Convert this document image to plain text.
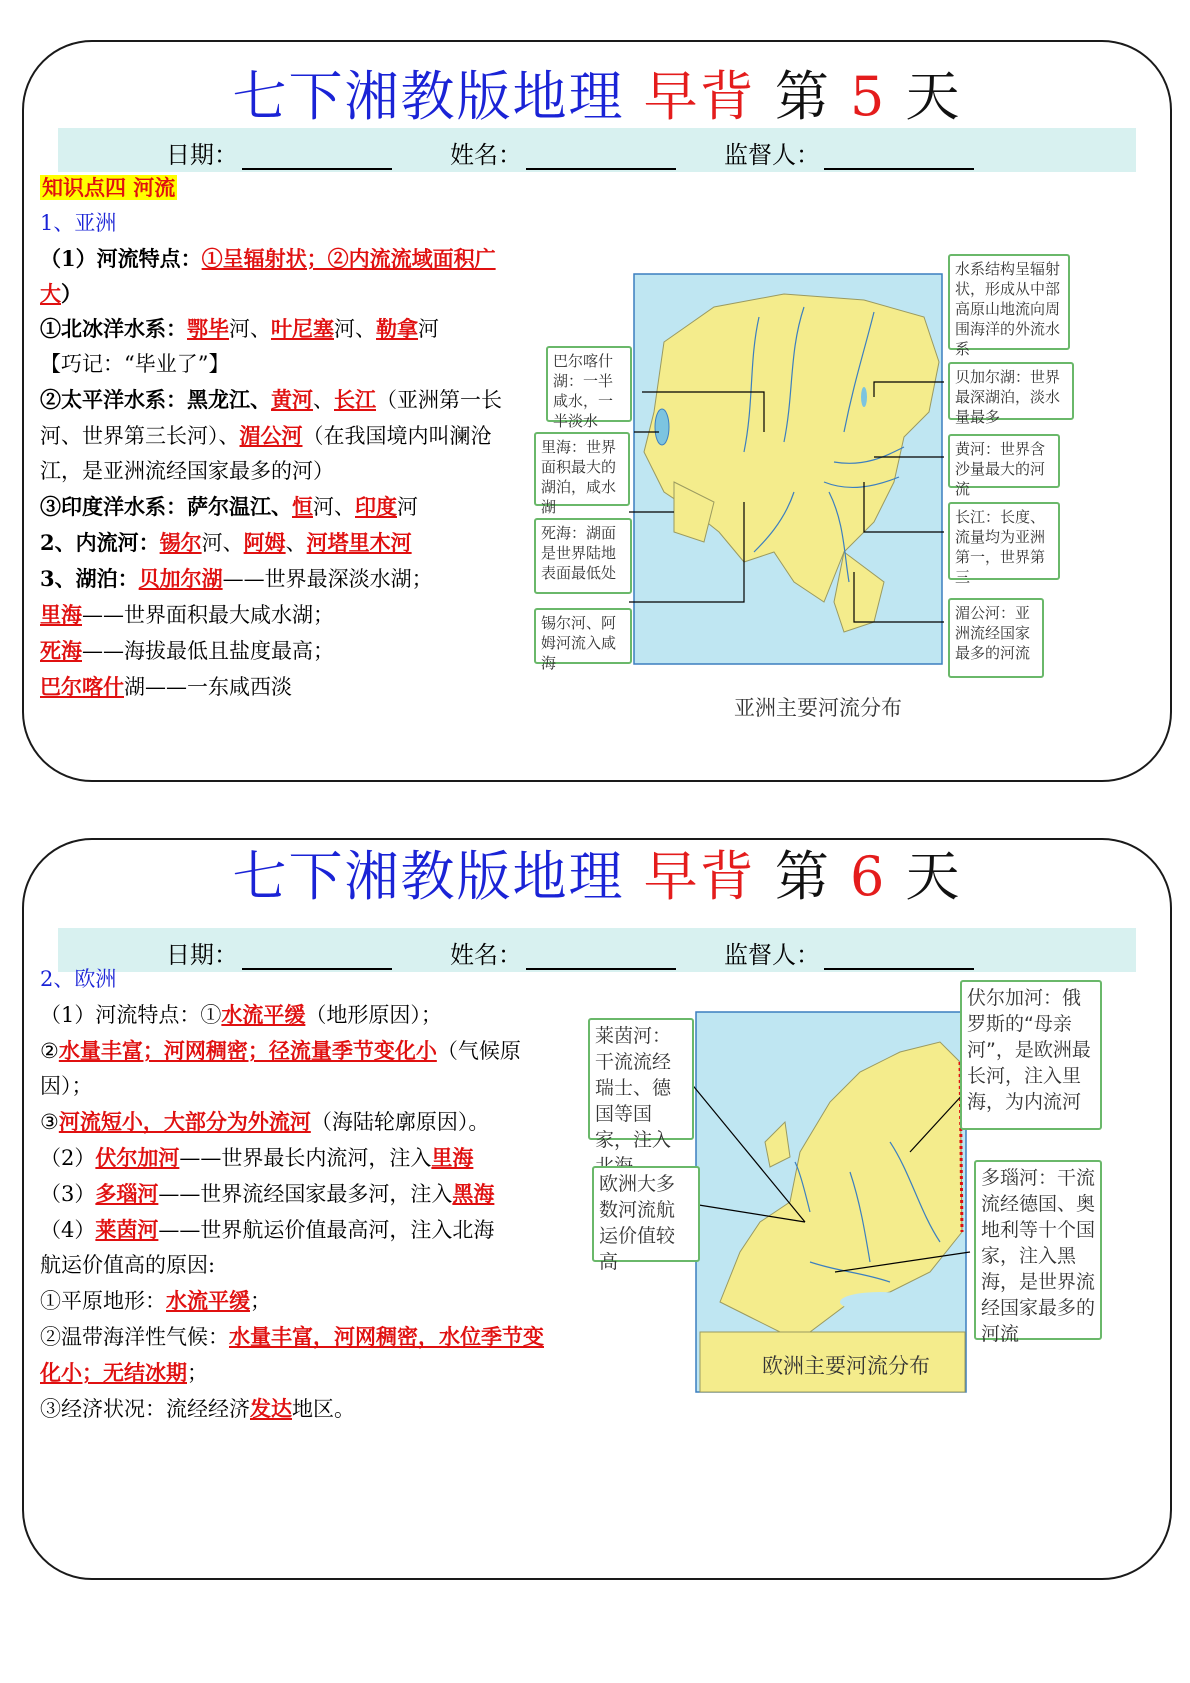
七下湘教版地理 早背 第 5 天
日期：	姓名：	监督人：

知识点四 河流

1、亚洲

（1）河流特点：①呈辐射状；②内流流域面积广大）

①北冰洋水系：鄂毕河、叶尼塞河、勒拿河

【巧记：“毕业了”】

②太平洋水系：黑龙江、黄河、长江（亚洲第一长河、世界第三长河）、湄公河（在我国境内叫澜沧江，是亚洲流经国家最多的河）

③印度洋水系：萨尔温江、恒河、印度河

2、内流河：锡尔河、阿姆、河塔里木河

3、湖泊：贝加尔湖——世界最深淡水湖；

里海——世界面积最大咸水湖；

死海——海拔最低且盐度最高；

巴尔喀什湖——一东咸西淡

水系结构呈辐射状，形成从中部高原山地流向周围海洋的外流水系
贝加尔湖：世界最深湖泊，淡水量最多
黄河：世界含沙量最大的河流
长江：长度、流量均为亚洲第一，世界第三
湄公河：亚洲流经国家最多的河流
巴尔喀什湖：一半咸水，一半淡水
里海：世界面积最大的湖泊，咸水湖
死海：湖面是世界陆地表面最低处
锡尔河、阿姆河流入咸海
亚洲主要河流分布
七下湘教版地理 早背 第 6 天
日期：	姓名：	监督人：

2、欧洲

（1）河流特点：①水流平缓（地形原因）；

②水量丰富；河网稠密；径流量季节变化小（气候原因）；

③河流短小，大部分为外流河（海陆轮廓原因）。

（2）伏尔加河——世界最长内流河，注入里海

（3）多瑙河——世界流经国家最多河，注入黑海

（4）莱茵河——世界航运价值最高河，注入北海

航运价值高的原因:

①平原地形：水流平缓；

②温带海洋性气候：水量丰富，河网稠密，水位季节变化小；无结冰期；

③经济状况：流经经济发达地区。

伏尔加河：俄罗斯的“母亲河”，是欧洲最长河，注入里海，为内流河
莱茵河：干流流经瑞士、德国等国家，注入
欧洲大多数河流航运价值较高
多瑙河：干流流经德国、奥地利等十个国家，注入黑海，是世界流经国家最多的河流
欧洲主要河流分布
